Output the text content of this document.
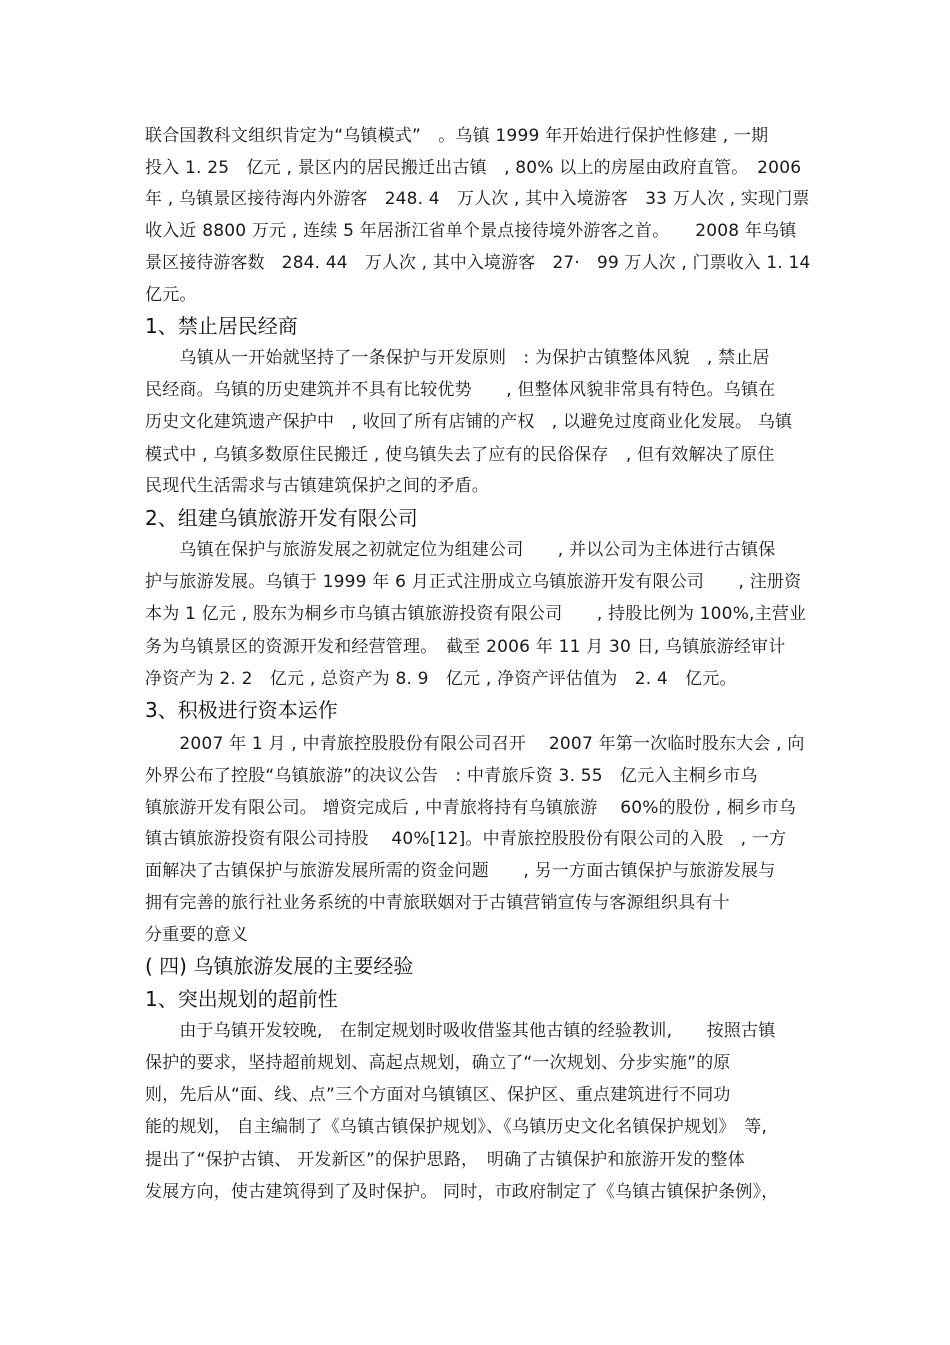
联合国教科文组织肯定为“乌镇模式”　。乌镇 1999 年开始进行保护性修建 , 一期
投入 1. 25　亿元 , 景区内的居民搬迁出古镇　, 80% 以上的房屋由政府直管。　2006
年 , 乌镇景区接待海内外游客　248. 4　万人次 , 其中入境游客　33 万人次 , 实现门票
收入近 8800 万元 , 连续 5 年居浙江省单个景点接待境外游客之首。　　2008 年乌镇
景区接待游客数　284. 44　万人次 , 其中入境游客　27·　99 万人次 , 门票收入 1. 14
亿元。
1、禁止居民经商
　　乌镇从一开始就坚持了一条保护与开发原则　: 为保护古镇整体风貌　, 禁止居
民经商。乌镇的历史建筑并不具有比较优势　　, 但整体风貌非常具有特色。乌镇在
历史文化建筑遗产保护中　, 收回了所有店铺的产权　, 以避免过度商业化发展。 乌镇
模式中 , 乌镇多数原住民搬迁 , 使乌镇失去了应有的民俗保存　, 但有效解决了原住
民现代生活需求与古镇建筑保护之间的矛盾。
2、组建乌镇旅游开发有限公司
　　乌镇在保护与旅游发展之初就定位为组建公司　　, 并以公司为主体进行古镇保
护与旅游发展。乌镇于 1999 年 6 月正式注册成立乌镇旅游开发有限公司　　, 注册资
本为 1 亿元 , 股东为桐乡市乌镇古镇旅游投资有限公司　　, 持股比例为 100%,主营业
务为乌镇景区的资源开发和经营管理。　截至 2006 年 11 月 30 日, 乌镇旅游经审计
净资产为 2. 2　亿元 , 总资产为 8. 9　亿元 , 净资产评估值为　2. 4　亿元。
3、积极进行资本运作
　　2007 年 1 月 , 中青旅控股股份有限公司召开　 2007 年第一次临时股东大会 , 向
外界公布了控股“乌镇旅游”的决议公告　: 中青旅斥资 3. 55　亿元入主桐乡市乌
镇旅游开发有限公司。 增资完成后 , 中青旅将持有乌镇旅游　 60%的股份 , 桐乡市乌
镇古镇旅游投资有限公司持股　 40%[12]。中青旅控股股份有限公司的入股　, 一方
面解决了古镇保护与旅游发展所需的资金问题　　, 另一方面古镇保护与旅游发展与
拥有完善的旅行社业务系统的中青旅联姻对于古镇营销宣传与客源组织具有十
分重要的意义
( 四) 乌镇旅游发展的主要经验
1、突出规划的超前性
　　由于乌镇开发较晚,　在制定规划时吸收借鉴其他古镇的经验教训,　　按照古镇
保护的要求，坚持超前规划、高起点规划，确立了“一次规划、分步实施”的原
则，先后从“面、线、点”三个方面对乌镇镇区、保护区、重点建筑进行不同功
能的规划， 自主编制了《乌镇古镇保护规划》、《乌镇历史文化名镇保护规划》　等,
提出了“保护古镇、 开发新区”的保护思路，　明确了古镇保护和旅游开发的整体
发展方向，使古建筑得到了及时保护。 同时，市政府制定了《乌镇古镇保护条例》，
